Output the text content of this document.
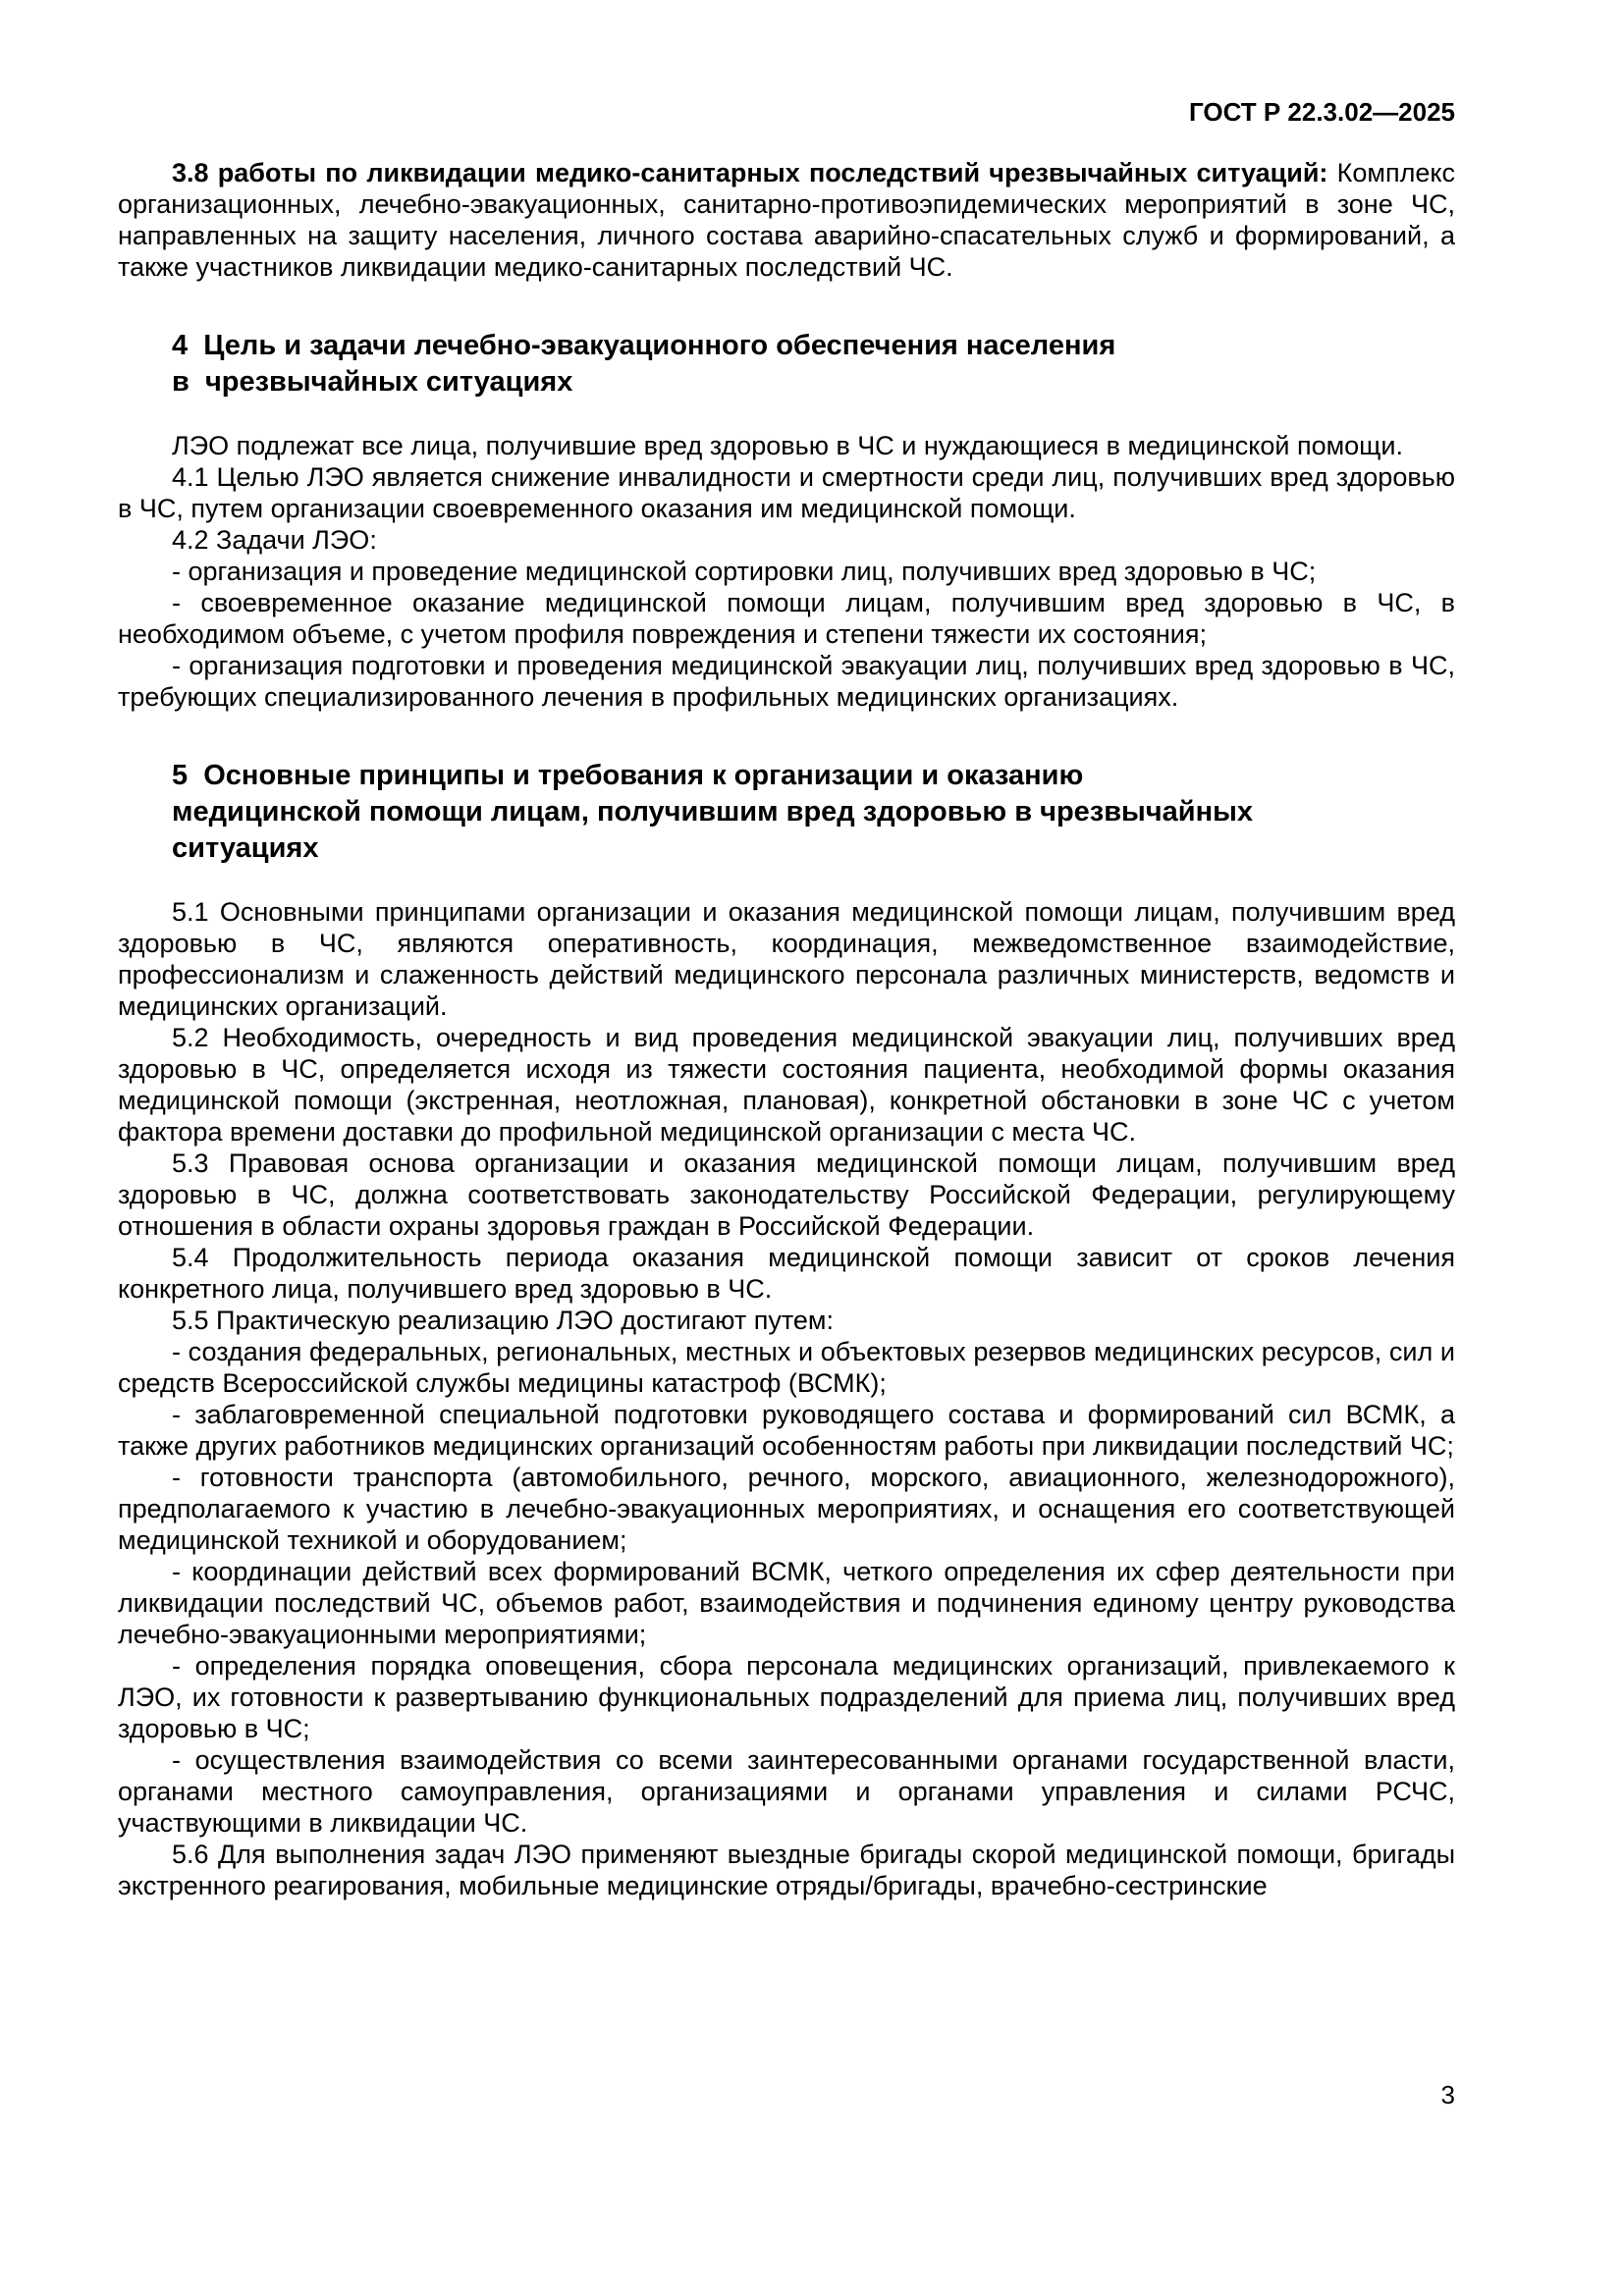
ГОСТ Р 22.3.02—2025

3.8 работы по ликвидации медико-санитарных последствий чрезвычайных ситуаций: Комплекс организационных, лечебно-эвакуационных, санитарно-противоэпидемических мероприятий в зоне ЧС, направленных на защиту населения, личного состава аварийно-спасательных служб и формирований, а также участников ликвидации медико-санитарных последствий ЧС.

4  Цель и задачи лечебно-эвакуационного обеспечения населения
в  чрезвычайных ситуациях

ЛЭО подлежат все лица, получившие вред здоровью в ЧС и нуждающиеся в медицинской помощи.

4.1 Целью ЛЭО является снижение инвалидности и смертности среди лиц, получивших вред здоровью в ЧС, путем организации своевременного оказания им медицинской помощи.

4.2 Задачи ЛЭО:

- организация и проведение медицинской сортировки лиц, получивших вред здоровью в ЧС;

- своевременное оказание медицинской помощи лицам, получившим вред здоровью в ЧС, в необходимом объеме, с учетом профиля повреждения и степени тяжести их состояния;

- организация подготовки и проведения медицинской эвакуации лиц, получивших вред здоровью в ЧС, требующих специализированного лечения в профильных медицинских организациях.

5  Основные принципы и требования к организации и оказанию
медицинской помощи лицам, получившим вред здоровью в чрезвычайных
ситуациях

5.1 Основными принципами организации и оказания медицинской помощи лицам, получившим вред здоровью в ЧС, являются оперативность, координация, межведомственное взаимодействие, профессионализм и слаженность действий медицинского персонала различных министерств, ведомств и медицинских организаций.

5.2 Необходимость, очередность и вид проведения медицинской эвакуации лиц, получивших вред здоровью в ЧС, определяется исходя из тяжести состояния пациента, необходимой формы оказания медицинской помощи (экстренная, неотложная, плановая), конкретной обстановки в зоне ЧС с учетом фактора времени доставки до профильной медицинской организации с места ЧС.

5.3 Правовая основа организации и оказания медицинской помощи лицам, получившим вред здоровью в ЧС, должна соответствовать законодательству Российской Федерации, регулирующему отношения в области охраны здоровья граждан в Российской Федерации.

5.4 Продолжительность периода оказания медицинской помощи зависит от сроков лечения конкретного лица, получившего вред здоровью в ЧС.

5.5 Практическую реализацию ЛЭО достигают путем:

- создания федеральных, региональных, местных и объектовых резервов медицинских ресурсов, сил и средств Всероссийской службы медицины катастроф (ВСМК);

- заблаговременной специальной подготовки руководящего состава и формирований сил ВСМК, а также других работников медицинских организаций особенностям работы при ликвидации последствий ЧС;

- готовности транспорта (автомобильного, речного, морского, авиационного, железнодорожного), предполагаемого к участию в лечебно-эвакуационных мероприятиях, и оснащения его соответствующей медицинской техникой и оборудованием;

- координации действий всех формирований ВСМК, четкого определения их сфер деятельности при ликвидации последствий ЧС, объемов работ, взаимодействия и подчинения единому центру руководства лечебно-эвакуационными мероприятиями;

- определения порядка оповещения, сбора персонала медицинских организаций, привлекаемого к ЛЭО, их готовности к развертыванию функциональных подразделений для приема лиц, получивших вред здоровью в ЧС;

- осуществления взаимодействия со всеми заинтересованными органами государственной власти, органами местного самоуправления, организациями и органами управления и силами РСЧС, участвующими в ликвидации ЧС.

5.6 Для выполнения задач ЛЭО применяют выездные бригады скорой медицинской помощи, бригады экстренного реагирования, мобильные медицинские отряды/бригады, врачебно-сестринские

3
